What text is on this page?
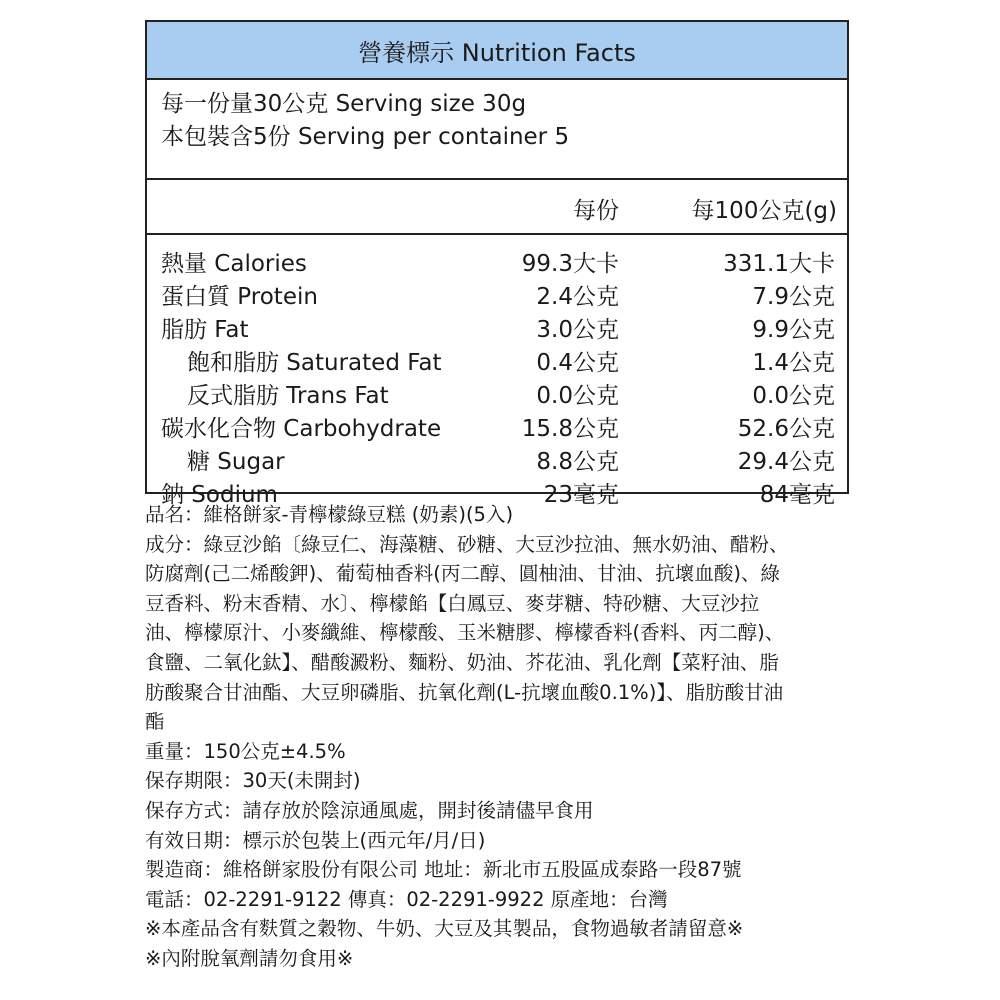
營養標示 Nutrition Facts
每一份量30公克 Serving size 30g
本包裝含5份 Serving per container 5
每份	每100公克(g)
熱量 Calories	99.3大卡	331.1大卡
蛋白質 Protein	2.4公克	7.9公克
脂肪 Fat	3.0公克	9.9公克
飽和脂肪 Saturated Fat	0.4公克	1.4公克
反式脂肪 Trans Fat	0.0公克	0.0公克
碳水化合物 Carbohydrate	15.8公克	52.6公克
糖 Sugar	8.8公克	29.4公克
鈉 Sodium	23毫克	84毫克

品名：維格餅家-青檸檬綠豆糕 (奶素)(5入)

成分：綠豆沙餡〔綠豆仁、海藻糖、砂糖、大豆沙拉油、無水奶油、醋粉、

防腐劑(己二烯酸鉀)、葡萄柚香料(丙二醇、圓柚油、甘油、抗壞血酸)、綠

豆香料、粉末香精、水〕、檸檬餡【白鳳豆、麥芽糖、特砂糖、大豆沙拉

油、檸檬原汁、小麥纖維、檸檬酸、玉米糖膠、檸檬香料(香料、丙二醇)、

食鹽、二氧化鈦】、醋酸澱粉、麵粉、奶油、芥花油、乳化劑【菜籽油、脂

肪酸聚合甘油酯、大豆卵磷脂、抗氧化劑(L-抗壞血酸0.1%)】、脂肪酸甘油

酯

重量：150公克±4.5%

保存期限：30天(未開封)

保存方式：請存放於陰涼通風處，開封後請儘早食用

有效日期：標示於包裝上(西元年/月/日)

製造商：維格餅家股份有限公司 地址：新北市五股區成泰路一段87號

電話：02-2291-9122 傳真：02-2291-9922 原產地：台灣

※本產品含有麩質之穀物、牛奶、大豆及其製品，食物過敏者請留意※

※內附脫氧劑請勿食用※
